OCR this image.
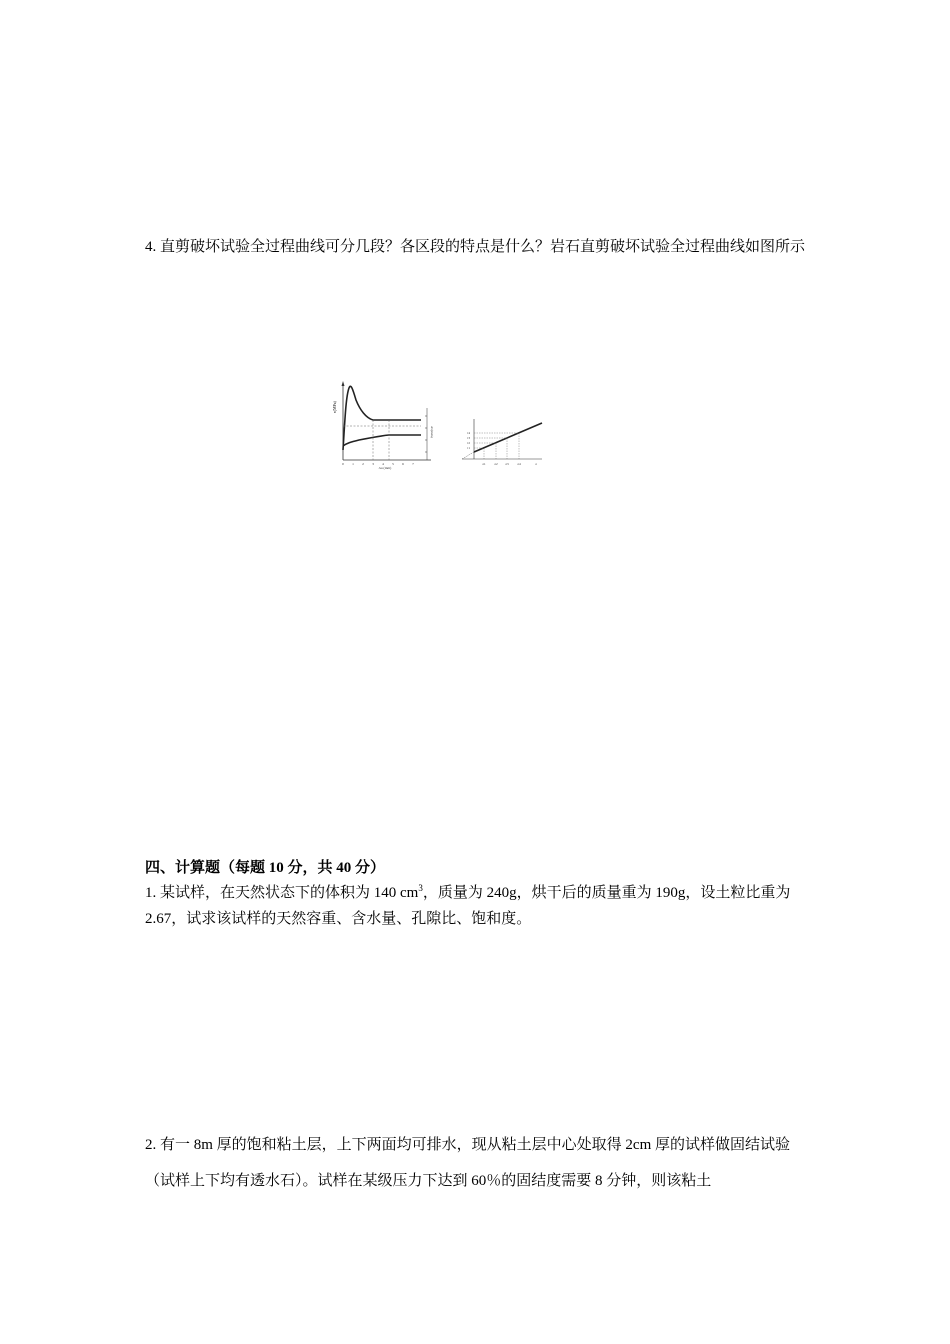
4. 直剪破坏试验全过程曲线可分几段？各区段的特点是什么？岩石直剪破坏试验全过程曲线如图所示

τ(MPa)
Δv(mm)
0 1 2 3 4 5 6 7
Δu (mm)
τ4
τ3
τ2
τ1
σ1	σ2 σ3	σ4	σ

四、计算题（每题 10 分，共 40 分）

1. 某试样，在天然状态下的体积为 140 $cm^3$，质量为 240g，烘干后的质量重为 190g，设土粒比重为 2.67，试求该试样的天然容重、含水量、孔隙比、饱和度。

2. 有一 8m 厚的饱和粘土层，上下两面均可排水，现从粘土层中心处取得 2cm 厚的试样做固结试验（试样上下均有透水石）。试样在某级压力下达到 60％的固结度需要 8 分钟，则该粘土
